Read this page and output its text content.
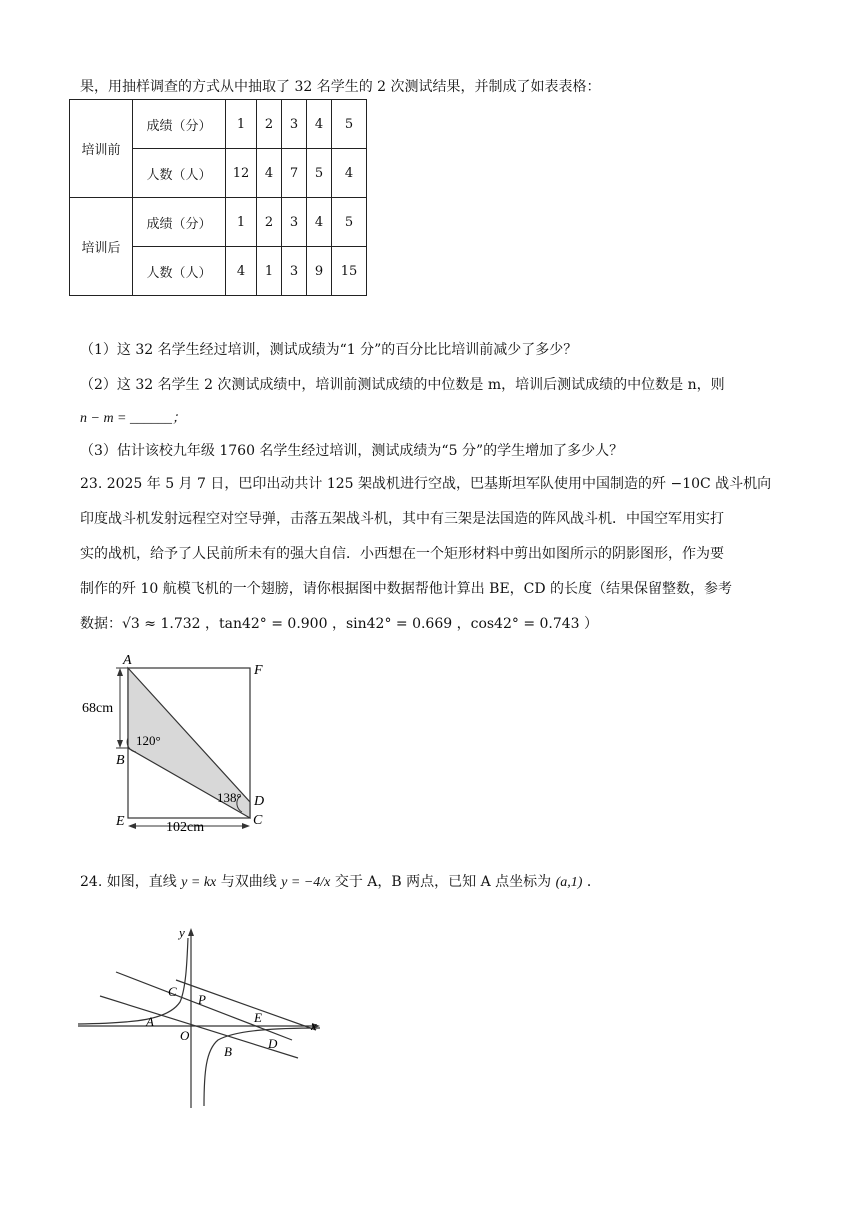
果，用抽样调查的方式从中抽取了 32 名学生的 2 次测试结果，并制成了如表表格：
培训前	成绩（分）	1	2	3	4	5
	人数（人）	12	4	7	5	4
培训后	成绩（分）	1	2	3	4	5
	人数（人）	4	1	3	9	15
（1）这 32 名学生经过培训，测试成绩为“1 分”的百分比比培训前减少了多少？
（2）这 32 名学生 2 次测试成绩中，培训前测试成绩的中位数是 m，培训后测试成绩的中位数是 n，则
n − m = ______；
（3）估计该校九年级 1760 名学生经过培训，测试成绩为“5 分”的学生增加了多少人？
23. 2025 年 5 月 7 日，巴印出动共计 125 架战机进行空战，巴基斯坦军队使用中国制造的歼 −10C 战斗机向
印度战斗机发射远程空对空导弹，击落五架战斗机，其中有三架是法国造的阵风战斗机．中国空军用实打
实的战机，给予了人民前所未有的强大自信．小西想在一个矩形材料中剪出如图所示的阴影图形，作为要
制作的歼 10 航模飞机的一个翅膀，请你根据图中数据帮他计算出 BE，CD 的长度（结果保留整数，参考
数据：√3 ≈ 1.732 ，tan42° = 0.900 ，sin42° = 0.669 ，cos42° = 0.743 ）
A
F
B
E	C
D
68cm
102cm
120°
138°
24. 如图，直线 y = kx 与双曲线 y = −4/x 交于 A，B 两点，已知 A 点坐标为 (a,1) ．
y
x
O
A
B
C
P
E
D
